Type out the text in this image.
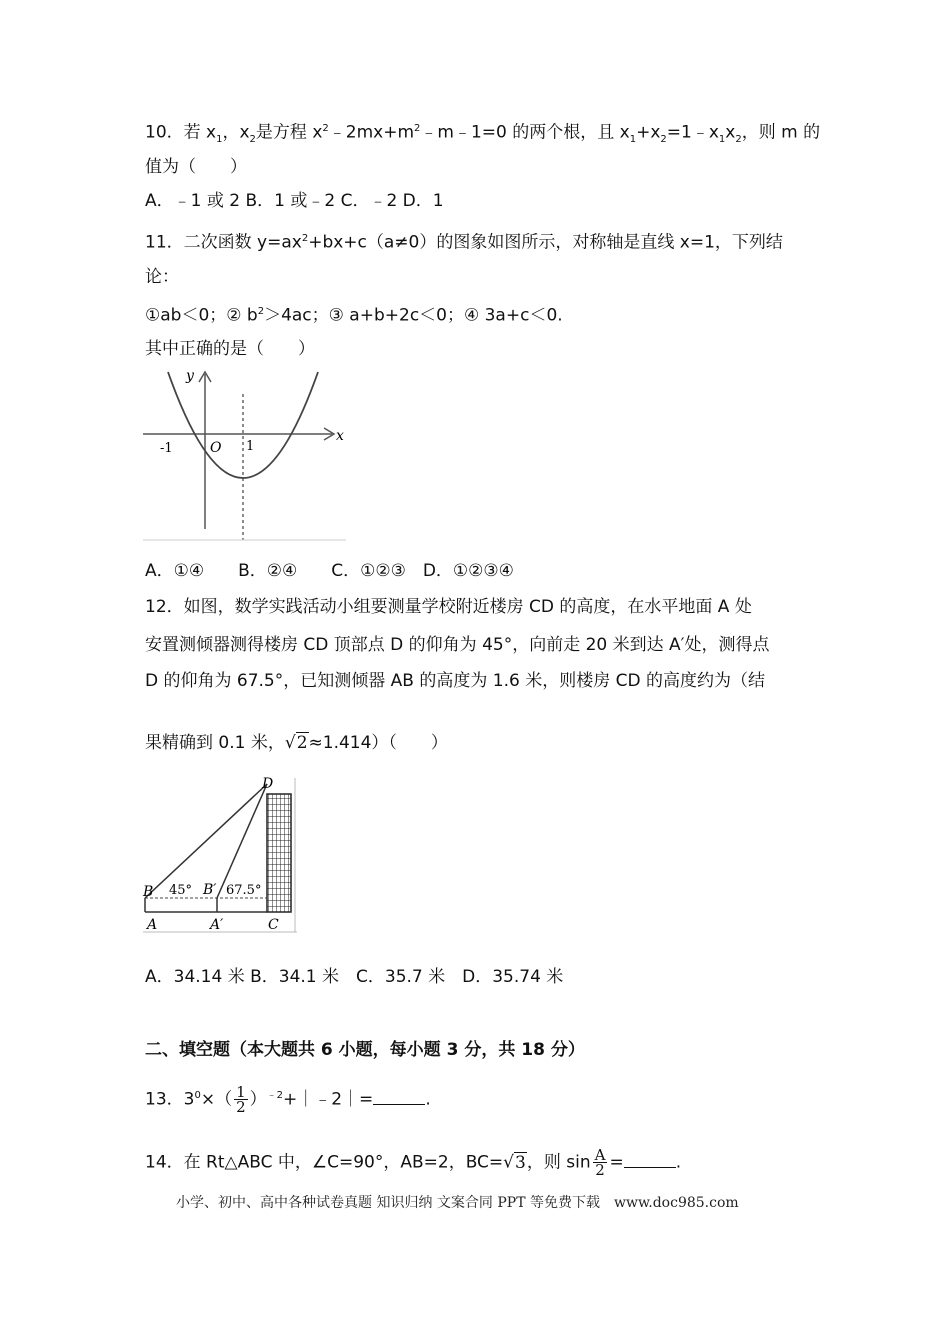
10．若 $x_1$，$x_2$是方程 $x^2﹣2mx+m^2﹣m﹣1=0$ 的两个根，且 $x_1+x_2=1﹣x_1x_2$，则 m 的
值为（　　）
A．﹣1 或 2 B．1 或﹣2 C．﹣2 D．1
11．二次函数 $y=ax^2+bx+c(a\ne 0)$的图象如图所示，对称轴是直线 x=1，下列结
论：
①ab＜0；② $b^2>4ac$；③ a+b+2c＜0；④ 3a+c＜0.
其中正确的是（　　）
y
x
-1	O 1
A．①④　　B．②④　　C．①②③　D．①②③④
12．如图，数学实践活动小组要测量学校附近楼房 CD 的高度，在水平地面 A 处
安置测倾器测得楼房 CD 顶部点 D 的仰角为 45°，向前走 20 米到达 A′处，测得点
D 的仰角为 67.5°，已知测倾器 AB 的高度为 1.6 米，则楼房 CD 的高度约为（结
果精确到 0.1 米，√2≈1.414）（　　）
D
B 45° B′ 67.5°
A	A′	C
A．34.14 米 B．34.1 米　C．35.7 米　D．35.74 米
二、填空题（本大题共 6 小题，每小题 3 分，共 18 分）
13．$3^0\times( \frac{1}{2}$ ）$^{﹣2}+|﹣2|=$	.
14．在 Rt△ABC 中，∠C=90°，AB=2，BC=√3，则 $\sin \frac{A}{2}$ =	.
小学、初中、高中各种试卷真题 知识归纳 文案合同 PPT 等免费下载　www.doc985.com
